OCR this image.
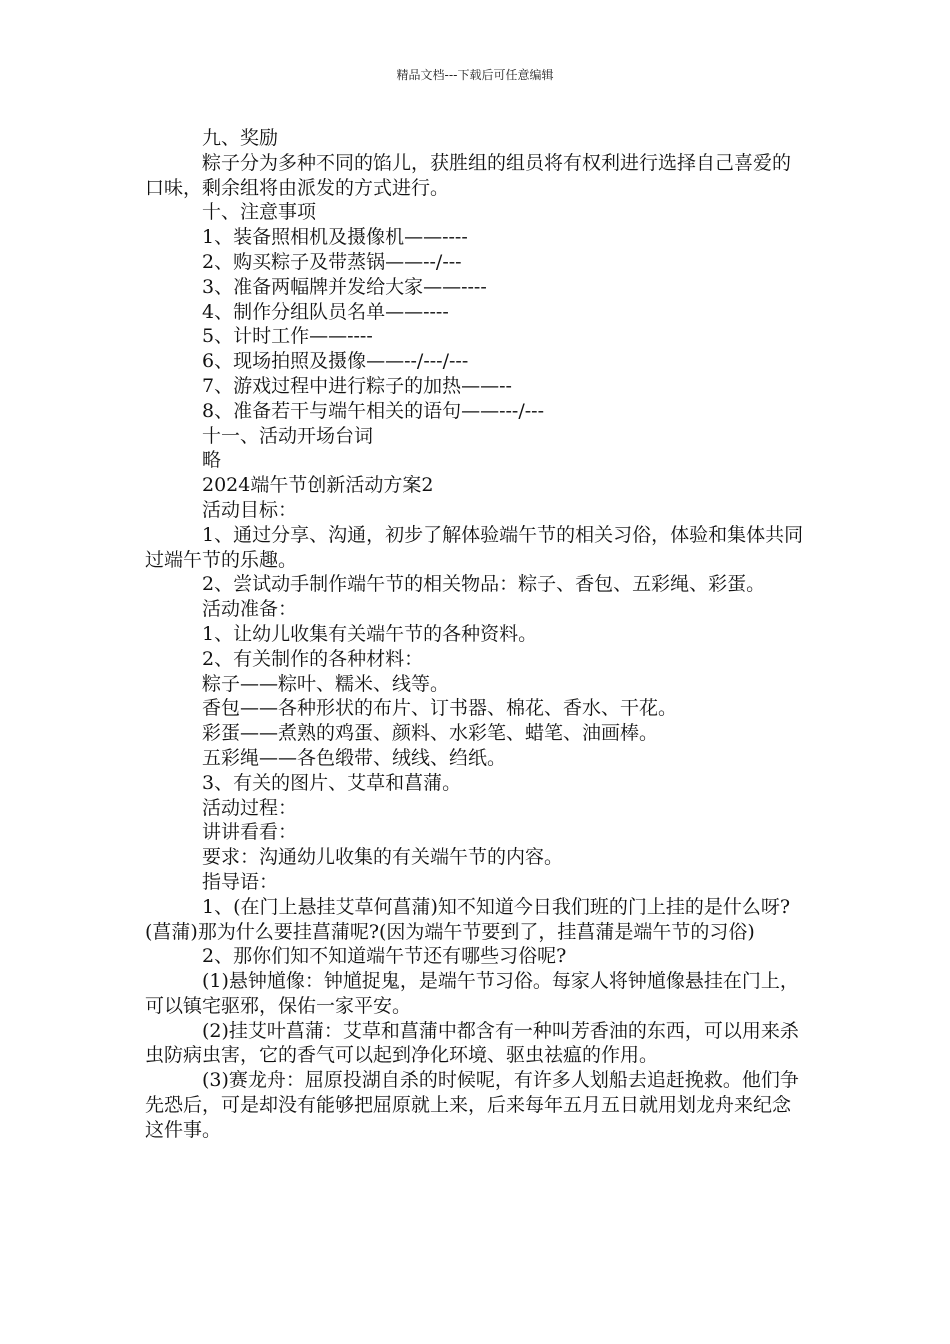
精品文档---下载后可任意编辑

九、奖励

粽子分为多种不同的馅儿，获胜组的组员将有权利进行选择自己喜爱的口味，剩余组将由派发的方式进行。

十、注意事项

1、装备照相机及摄像机——----

2、购买粽子及带蒸锅——--/---

3、准备两幅牌并发给大家——----

4、制作分组队员名单——----

5、计时工作——----

6、现场拍照及摄像——--/---/---

7、游戏过程中进行粽子的加热——--

8、准备若干与端午相关的语句——---/---

十一、活动开场台词

略

2024端午节创新活动方案2

活动目标：

1、通过分享、沟通，初步了解体验端午节的相关习俗，体验和集体共同过端午节的乐趣。

2、尝试动手制作端午节的相关物品：粽子、香包、五彩绳、彩蛋。

活动准备：

1、让幼儿收集有关端午节的各种资料。

2、有关制作的各种材料：

粽子——粽叶、糯米、线等。

香包——各种形状的布片、订书器、棉花、香水、干花。

彩蛋——煮熟的鸡蛋、颜料、水彩笔、蜡笔、油画棒。

五彩绳——各色缎带、绒线、绉纸。

3、有关的图片、艾草和菖蒲。

活动过程：

讲讲看看：

要求：沟通幼儿收集的有关端午节的内容。

指导语：

1、(在门上悬挂艾草何菖蒲)知不知道今日我们班的门上挂的是什么呀?(菖蒲)那为什么要挂菖蒲呢?(因为端午节要到了，挂菖蒲是端午节的习俗)

2、那你们知不知道端午节还有哪些习俗呢?

(1)悬钟馗像：钟馗捉鬼，是端午节习俗。每家人将钟馗像悬挂在门上，可以镇宅驱邪，保佑一家平安。

(2)挂艾叶菖蒲：艾草和菖蒲中都含有一种叫芳香油的东西，可以用来杀虫防病虫害，它的香气可以起到净化环境、驱虫祛瘟的作用。

(3)赛龙舟：屈原投湖自杀的时候呢，有许多人划船去追赶挽救。他们争先恐后，可是却没有能够把屈原就上来，后来每年五月五日就用划龙舟来纪念这件事。
